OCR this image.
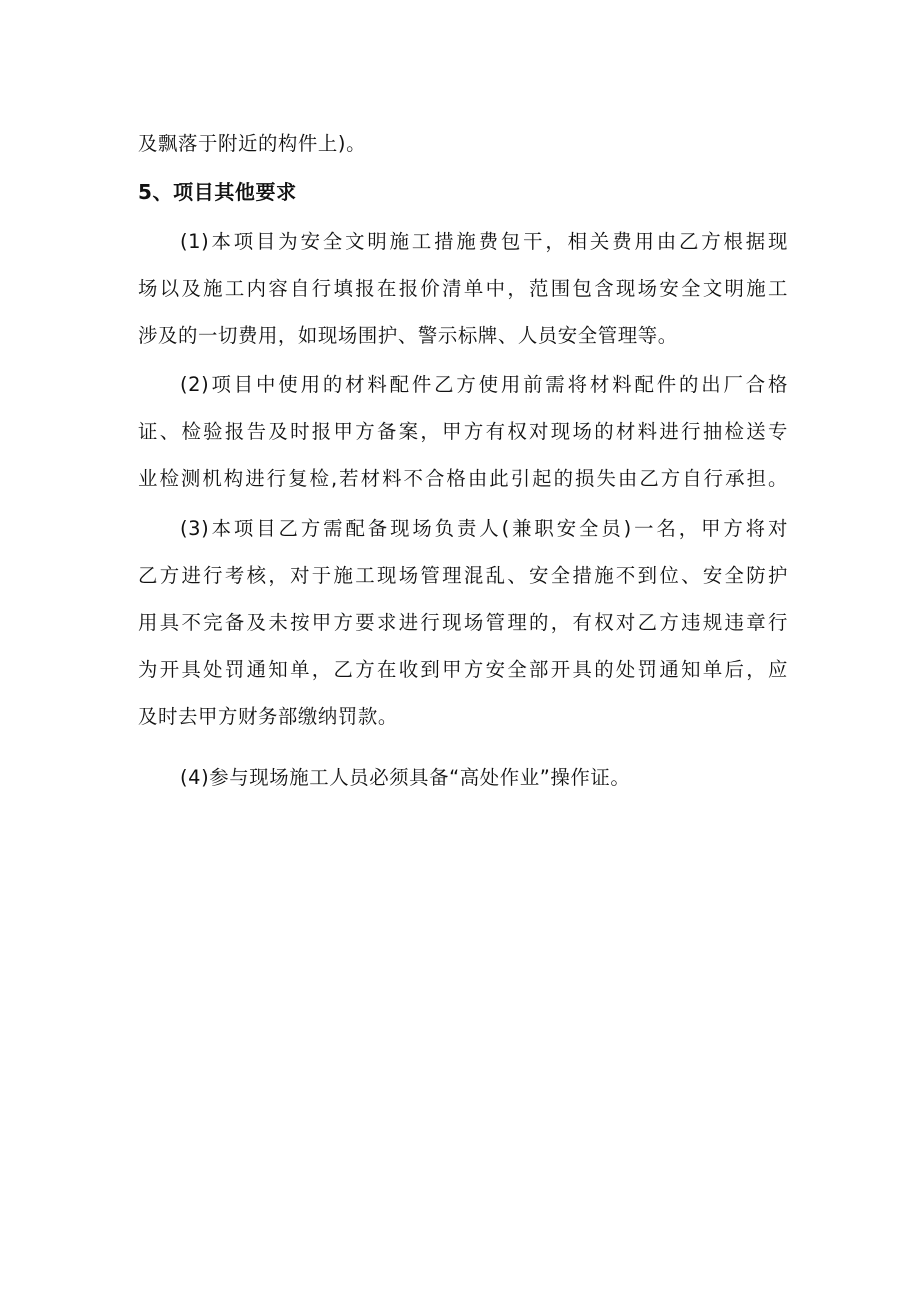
及飘落于附近的构件上)。
5、项目其他要求
(1)本项目为安全文明施工措施费包干，相关费用由乙方根据现
场以及施工内容自行填报在报价清单中，范围包含现场安全文明施工
涉及的一切费用，如现场围护、警示标牌、人员安全管理等。
(2)项目中使用的材料配件乙方使用前需将材料配件的出厂合格
证、检验报告及时报甲方备案，甲方有权对现场的材料进行抽检送专
业检测机构进行复检,若材料不合格由此引起的损失由乙方自行承担。
(3)本项目乙方需配备现场负责人(兼职安全员)一名，甲方将对
乙方进行考核，对于施工现场管理混乱、安全措施不到位、安全防护
用具不完备及未按甲方要求进行现场管理的，有权对乙方违规违章行
为开具处罚通知单，乙方在收到甲方安全部开具的处罚通知单后，应
及时去甲方财务部缴纳罚款。
(4)参与现场施工人员必须具备“高处作业”操作证。
